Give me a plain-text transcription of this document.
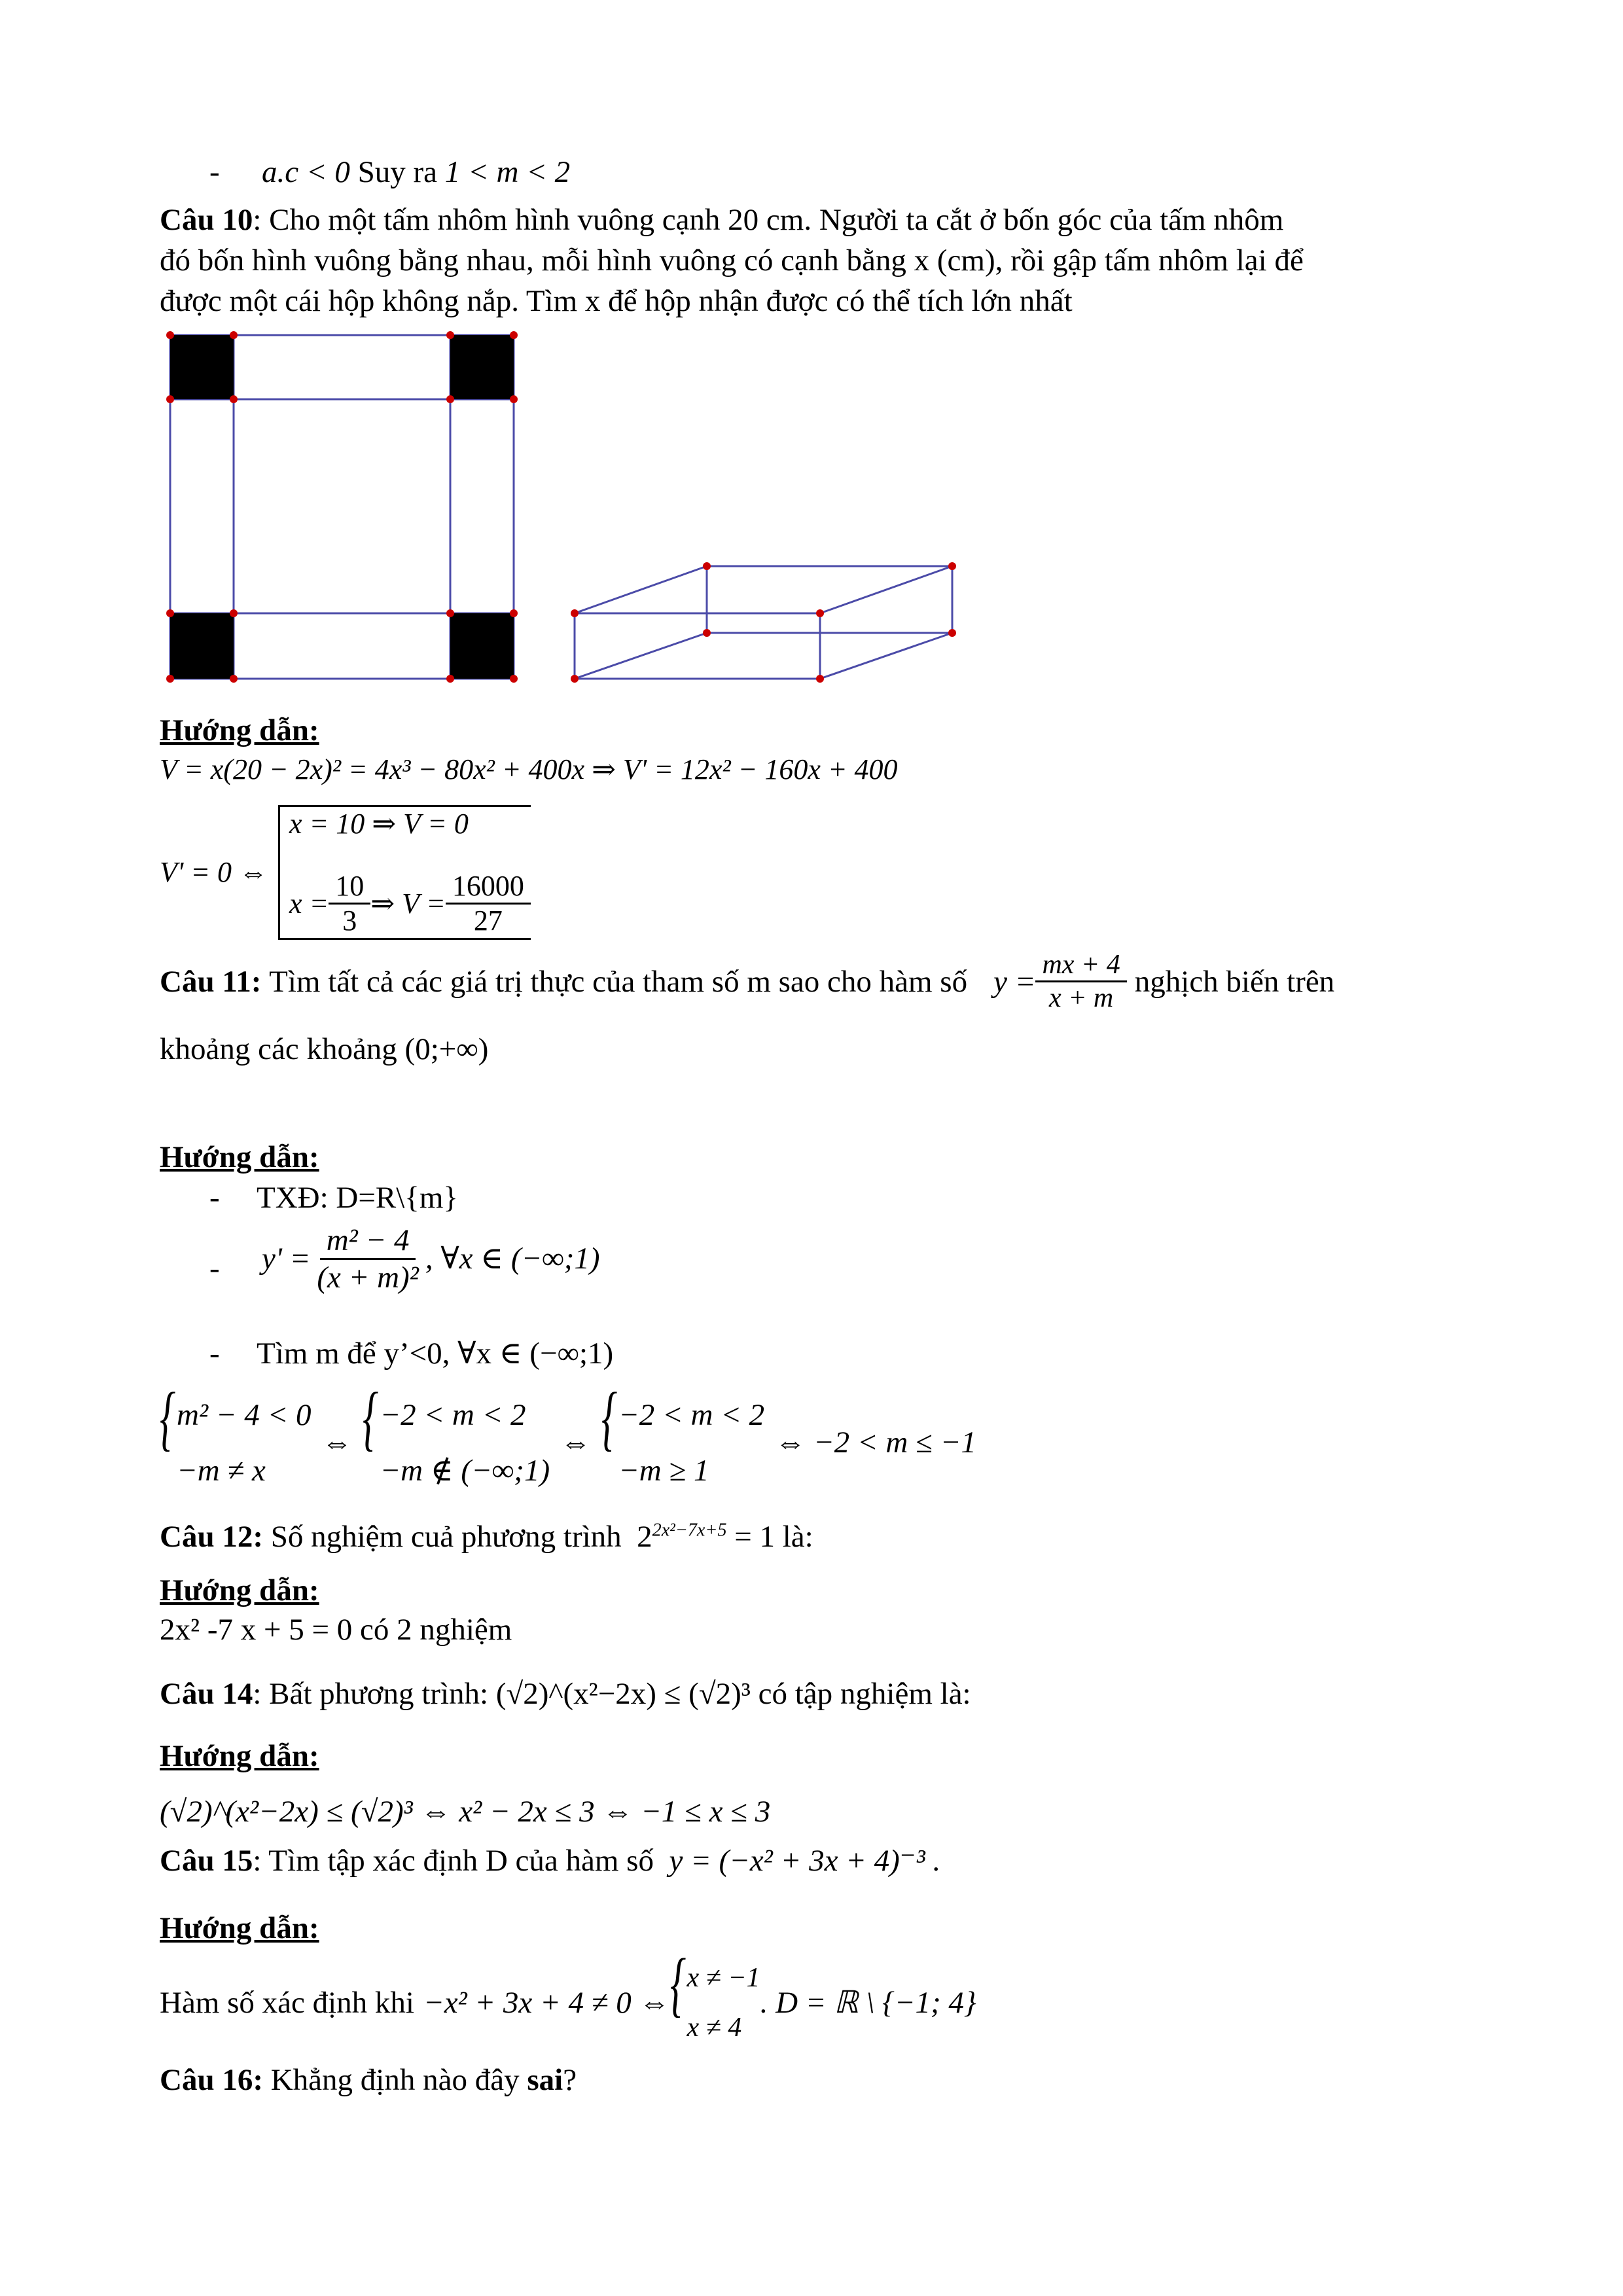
- a.c < 0 Suy ra 1 < m < 2
Câu 10: Cho một tấm nhôm hình vuông cạnh 20 cm. Người ta cắt ở bốn góc của tấm nhôm
đó bốn hình vuông bằng nhau, mỗi hình vuông có cạnh bằng x (cm), rồi gập tấm nhôm lại để
được một cái hộp không nắp. Tìm x để hộp nhận được có thể tích lớn nhất
Hướng dẫn:
V = x(20 − 2x)² = 4x³ − 80x² + 400x ⇒ V' = 12x² − 160x + 400
V' = 0 ⇔
x = 10 ⇒ V = 0
$x = \frac{10}{3}$ ⇒ $V = \frac{16000}{27}$
Câu 11:
Tìm tất cả các giá trị thực của tham số m sao cho hàm số $y = \frac{mx + 4}{x + m}$ nghịch biến trên
khoảng các khoảng (0;+∞)
Hướng dẫn:
- TXĐ: D=R\{m}
- $y' = \frac{\text{m² − 4}}{\text{(x + m)²}}$ , ∀x ∈ (−∞;1)
- Tìm m để y’<0, ∀x ∈ (−∞;1)
{ m² − 4 < 0
−m ≠ x
⇔ { −2 < m < 2
−m ∉ (−∞;1)
⇔ { −2 < m < 2
−m ≥ 1
⇔ −2 < m ≤ −1
Câu 12: Số nghiệm cuả phương trình $2^{2x^2-7x+5} = 1$ là:
Hướng dẫn:
2x² -7 x + 5 = 0 có 2 nghiệm
Câu 14: Bất phương trình: (√2)^(x²−2x) ≤ (√2)³ có tập nghiệm là:
Hướng dẫn:
(√2)^(x²−2x) ≤ (√2)³ ⇔ x² − 2x ≤ 3 ⇔ −1 ≤ x ≤ 3
Câu 15: Tìm tập xác định D của hàm số y = (−x² + 3x + 4)⁻³ .
Hướng dẫn:
Hàm số xác định khi −x² + 3x + 4 ≠ 0 ⇔ { x ≠ −1
x ≠ 4
. D = ℝ \ {−1; 4}
Câu 16: Khẳng định nào đây sai?
